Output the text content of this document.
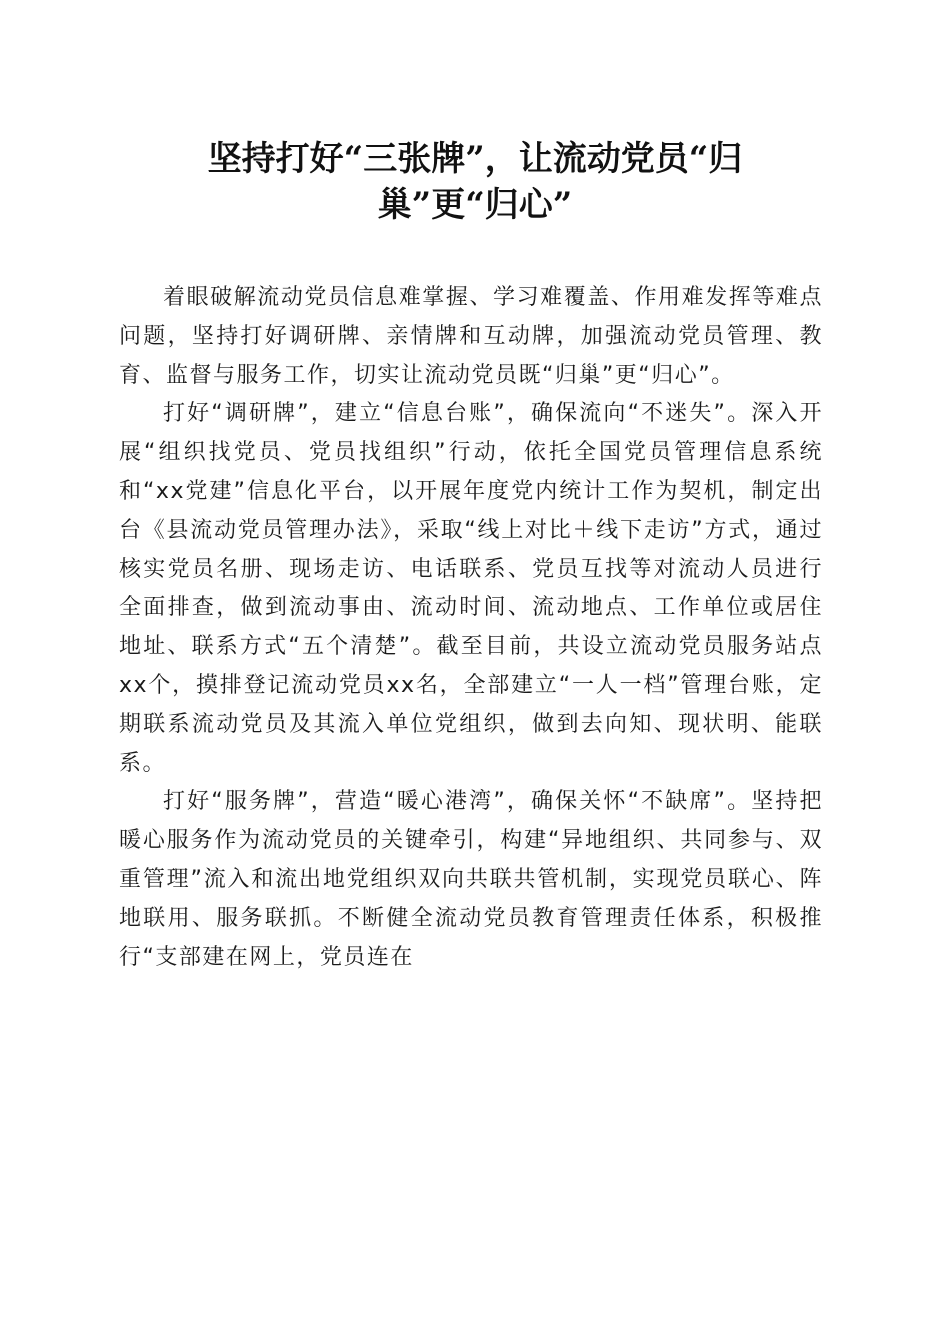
坚持打好“三张牌”，让流动党员“归
巢”更“归心”

着眼破解流动党员信息难掌握、学习难覆盖、作用难发挥等难点问题，坚持打好调研牌、亲情牌和互动牌，加强流动党员管理、教育、监督与服务工作，切实让流动党员既“归巢”更“归心”。

打好“调研牌”，建立“信息台账”，确保流向“不迷失”。深入开展“组织找党员、党员找组织”行动，依托全国党员管理信息系统和“xx党建”信息化平台，以开展年度党内统计工作为契机，制定出台《县流动党员管理办法》，采取“线上对比＋线下走访”方式，通过核实党员名册、现场走访、电话联系、党员互找等对流动人员进行全面排查，做到流动事由、流动时间、流动地点、工作单位或居住地址、联系方式“五个清楚”。截至目前，共设立流动党员服务站点xx个，摸排登记流动党员xx名，全部建立“一人一档”管理台账，定期联系流动党员及其流入单位党组织，做到去向知、现状明、能联系。

打好“服务牌”，营造“暖心港湾”，确保关怀“不缺席”。坚持把暖心服务作为流动党员的关键牵引，构建“异地组织、共同参与、双重管理”流入和流出地党组织双向共联共管机制，实现党员联心、阵地联用、服务联抓。不断健全流动党员教育管理责任体系，积极推行“支部建在网上，党员连在
